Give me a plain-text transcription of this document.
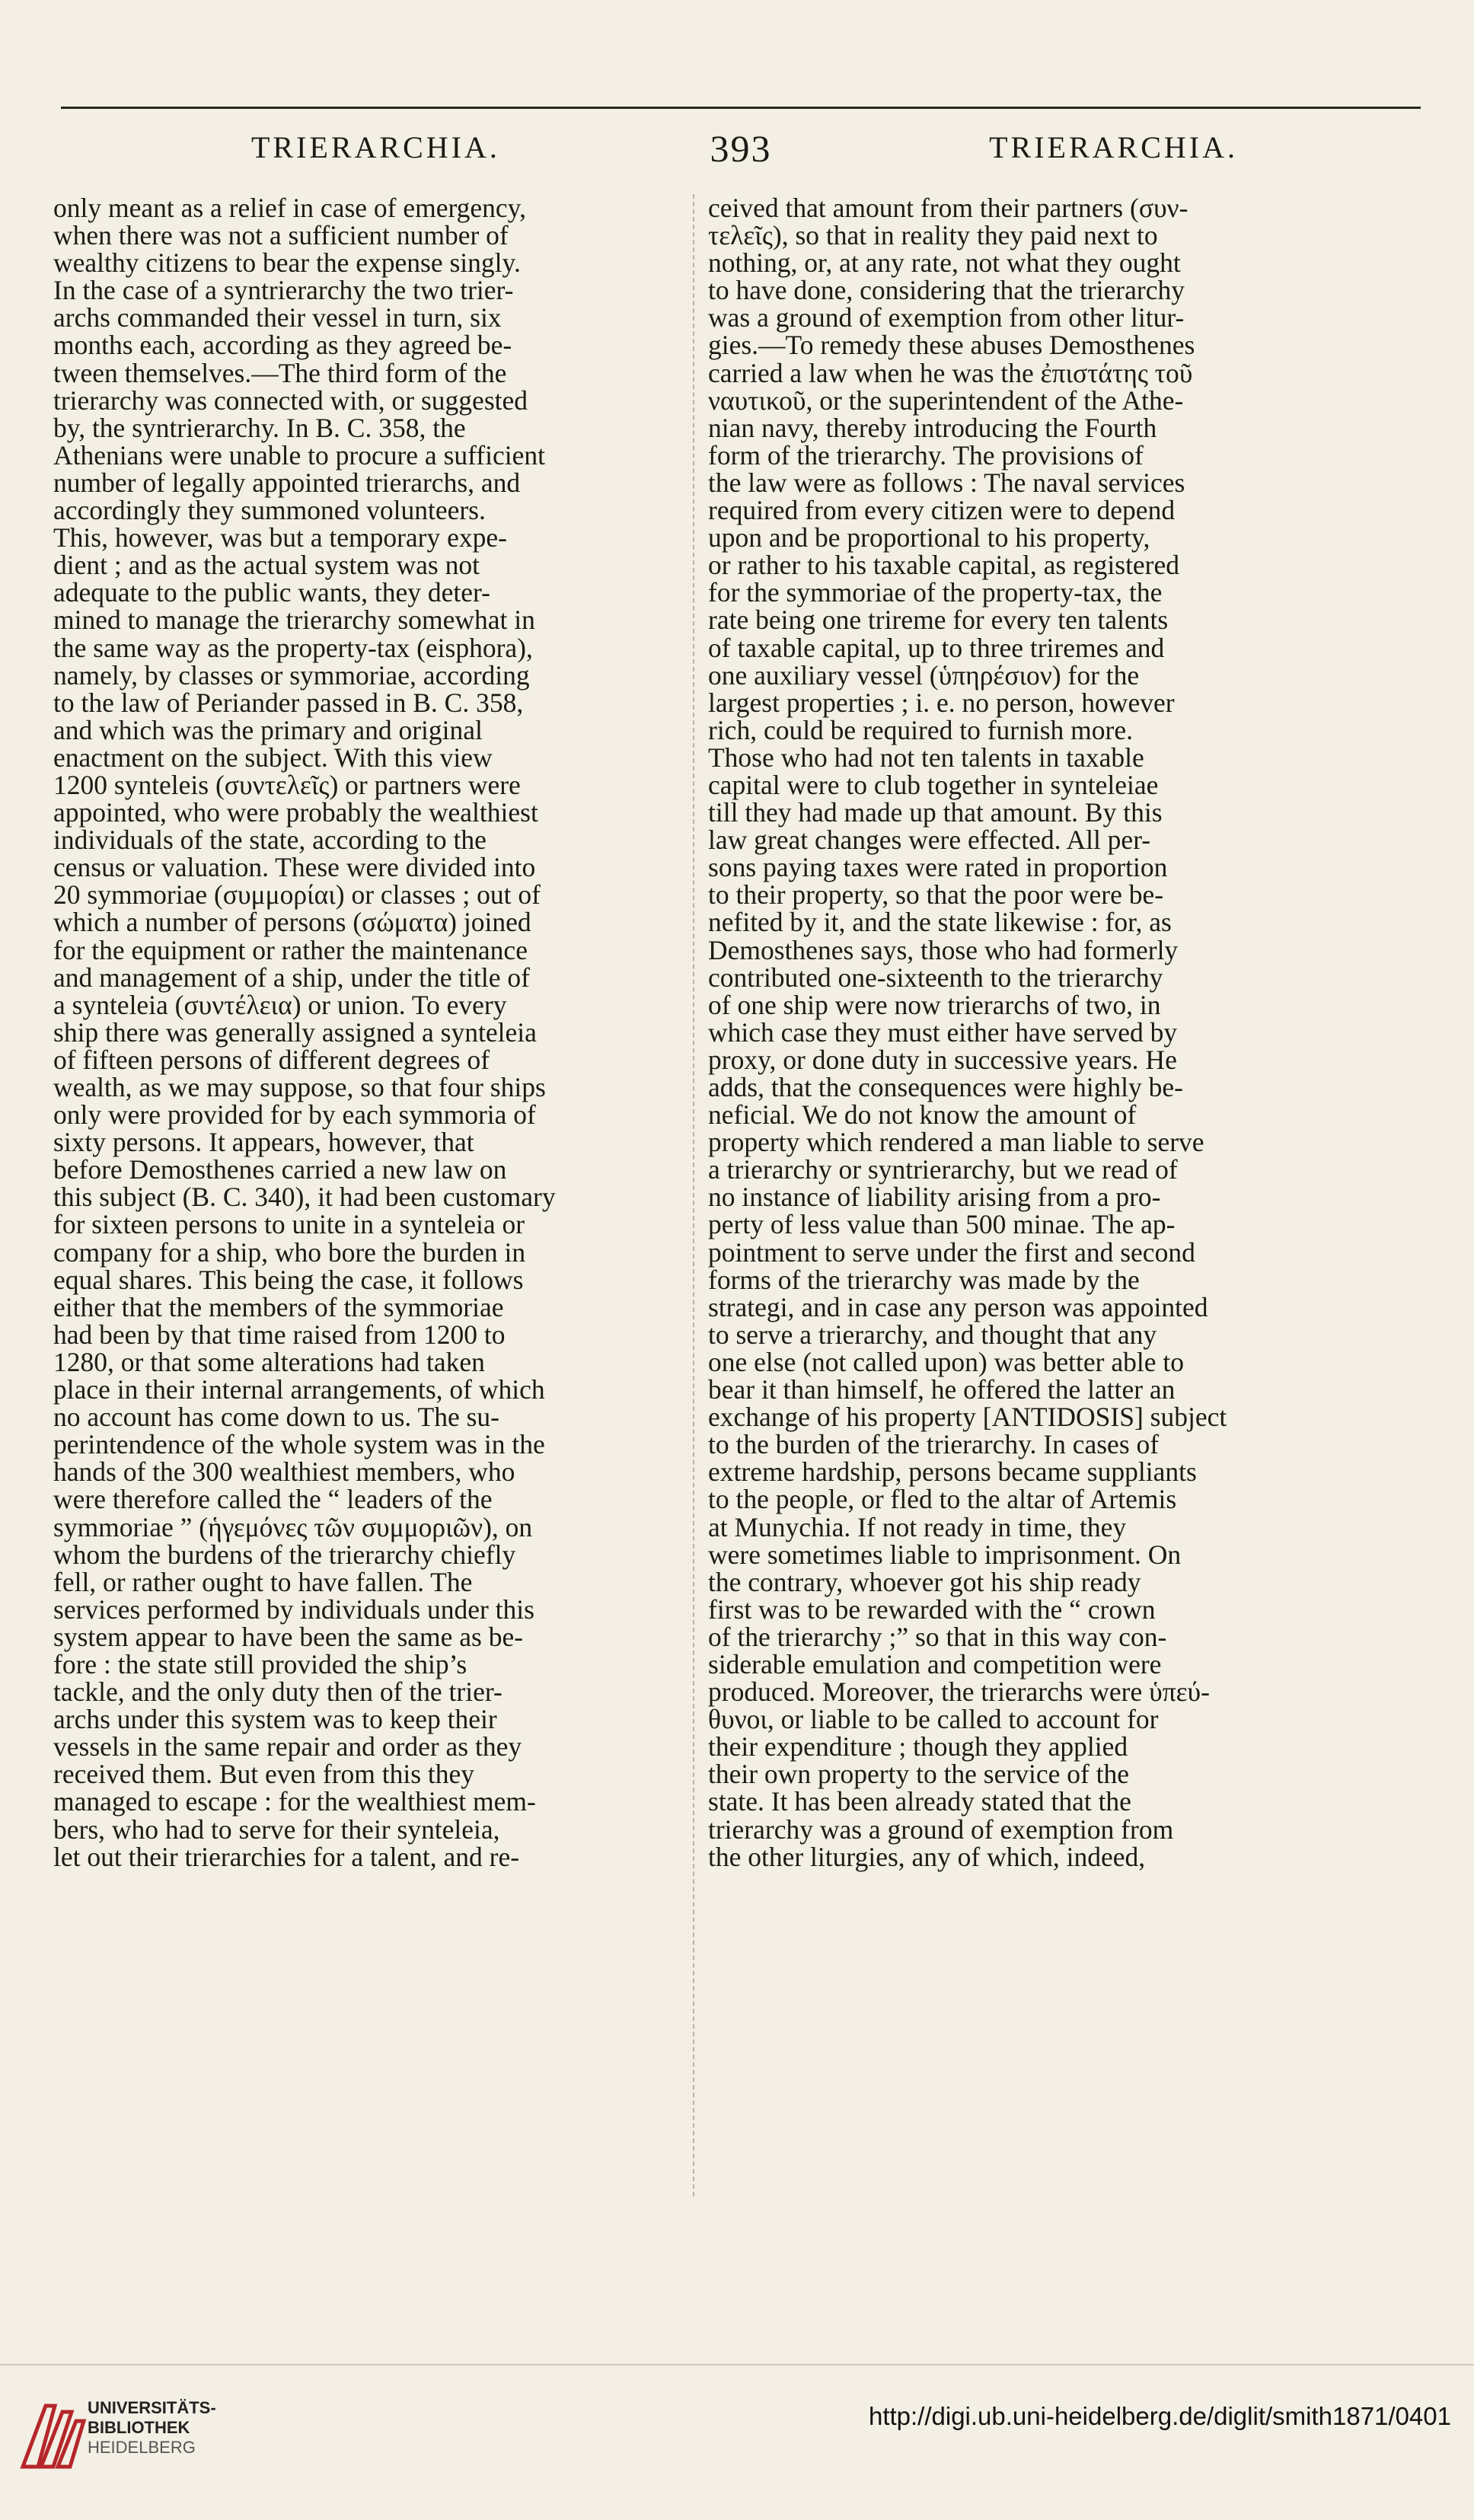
TRIERARCHIA.	393	TRIERARCHIA.

only meant as a relief in case of emergency,
when there was not a sufficient number of
wealthy citizens to bear the expense singly.
In the case of a syntrierarchy the two trier-
archs commanded their vessel in turn, six
months each, according as they agreed be-
tween themselves.—The third form of the
trierarchy was connected with, or suggested
by, the syntrierarchy. In B. C. 358, the
Athenians were unable to procure a sufficient
number of legally appointed trierarchs, and
accordingly they summoned volunteers.
This, however, was but a temporary expe-
dient ; and as the actual system was not
adequate to the public wants, they deter-
mined to manage the trierarchy somewhat in
the same way as the property-tax (eisphora),
namely, by classes or symmoriae, according
to the law of Periander passed in B. C. 358,
and which was the primary and original
enactment on the subject. With this view
1200 synteleis (συντελεῖς) or partners were
appointed, who were probably the wealthiest
individuals of the state, according to the
census or valuation. These were divided into
20 symmoriae (συμμορίαι) or classes ; out of
which a number of persons (σώματα) joined
for the equipment or rather the maintenance
and management of a ship, under the title of
a synteleia (συντέλεια) or union. To every
ship there was generally assigned a synteleia
of fifteen persons of different degrees of
wealth, as we may suppose, so that four ships
only were provided for by each symmoria of
sixty persons. It appears, however, that
before Demosthenes carried a new law on
this subject (B. C. 340), it had been customary
for sixteen persons to unite in a synteleia or
company for a ship, who bore the burden in
equal shares. This being the case, it follows
either that the members of the symmoriae
had been by that time raised from 1200 to
1280, or that some alterations had taken
place in their internal arrangements, of which
no account has come down to us. The su-
perintendence of the whole system was in the
hands of the 300 wealthiest members, who
were therefore called the “ leaders of the
symmoriae ” (ἡγεμόνες τῶν συμμοριῶν), on
whom the burdens of the trierarchy chiefly
fell, or rather ought to have fallen. The
services performed by individuals under this
system appear to have been the same as be-
fore : the state still provided the ship’s
tackle, and the only duty then of the trier-
archs under this system was to keep their
vessels in the same repair and order as they
received them. But even from this they
managed to escape : for the wealthiest mem-
bers, who had to serve for their synteleia,
let out their trierarchies for a talent, and re-

ceived that amount from their partners (συν-
τελεῖς), so that in reality they paid next to
nothing, or, at any rate, not what they ought
to have done, considering that the trierarchy
was a ground of exemption from other litur-
gies.—To remedy these abuses Demosthenes
carried a law when he was the ἐπιστάτης τοῦ
ναυτικοῦ, or the superintendent of the Athe-
nian navy, thereby introducing the Fourth
form of the trierarchy. The provisions of
the law were as follows : The naval services
required from every citizen were to depend
upon and be proportional to his property,
or rather to his taxable capital, as registered
for the symmoriae of the property-tax, the
rate being one trireme for every ten talents
of taxable capital, up to three triremes and
one auxiliary vessel (ὑπηρέσιον) for the
largest properties ; i. e. no person, however
rich, could be required to furnish more.
Those who had not ten talents in taxable
capital were to club together in synteleiae
till they had made up that amount. By this
law great changes were effected. All per-
sons paying taxes were rated in proportion
to their property, so that the poor were be-
nefited by it, and the state likewise : for, as
Demosthenes says, those who had formerly
contributed one-sixteenth to the trierarchy
of one ship were now trierarchs of two, in
which case they must either have served by
proxy, or done duty in successive years. He
adds, that the consequences were highly be-
neficial. We do not know the amount of
property which rendered a man liable to serve
a trierarchy or syntrierarchy, but we read of
no instance of liability arising from a pro-
perty of less value than 500 minae. The ap-
pointment to serve under the first and second
forms of the trierarchy was made by the
strategi, and in case any person was appointed
to serve a trierarchy, and thought that any
one else (not called upon) was better able to
bear it than himself, he offered the latter an
exchange of his property [ANTIDOSIS] subject
to the burden of the trierarchy. In cases of
extreme hardship, persons became suppliants
to the people, or fled to the altar of Artemis
at Munychia. If not ready in time, they
were sometimes liable to imprisonment. On
the contrary, whoever got his ship ready
first was to be rewarded with the “ crown
of the trierarchy ;” so that in this way con-
siderable emulation and competition were
produced. Moreover, the trierarchs were ὑπεύ-
θυνοι, or liable to be called to account for
their expenditure ; though they applied
their own property to the service of the
state. It has been already stated that the
trierarchy was a ground of exemption from
the other liturgies, any of which, indeed,

UNIVERSITÄTS-
BIBLIOTHEK
HEIDELBERG
http://digi.ub.uni-heidelberg.de/diglit/smith1871/0401
